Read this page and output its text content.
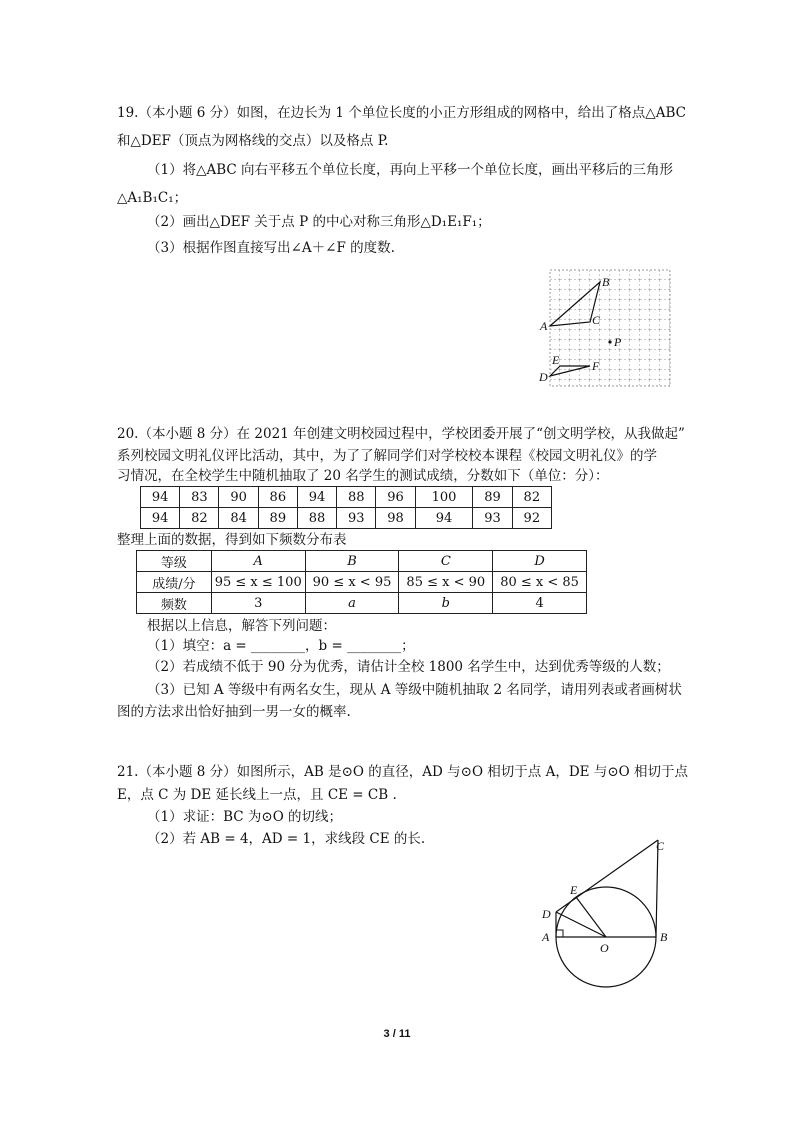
19.（本小题 6 分）如图，在边长为 1 个单位长度的小正方形组成的网格中，给出了格点△ABC
和△DEF（顶点为网格线的交点）以及格点 P.
（1）将△ABC 向右平移五个单位长度，再向上平移一个单位长度，画出平移后的三角形
△A₁B₁C₁；
（2）画出△DEF 关于点 P 的中心对称三角形△D₁E₁F₁；
（3）根据作图直接写出∠A＋∠F 的度数.
A
B
C
P
E	F
D
20.（本小题 8 分）在 2021 年创建文明校园过程中，学校团委开展了“创文明学校，从我做起”
系列校园文明礼仪评比活动，其中，为了了解同学们对学校校本课程《校园文明礼仪》的学
习情况，在全校学生中随机抽取了 20 名学生的测试成绩，分数如下（单位：分）：
94	83	90	86	94	88	96	100	89	82
94	82	84	89	88	93	98	94	93	92
整理上面的数据，得到如下频数分布表
等级	A	B	C	D
成绩/分	95 ≤ x ≤ 100	90 ≤ x < 95	85 ≤ x < 90	80 ≤ x < 85
频数	3	a	b	4
根据以上信息，解答下列问题：
（1）填空：a = ________，b = ________；
（2）若成绩不低于 90 分为优秀，请估计全校 1800 名学生中，达到优秀等级的人数；
（3）已知 A 等级中有两名女生，现从 A 等级中随机抽取 2 名同学，请用列表或者画树状
图的方法求出恰好抽到一男一女的概率.
21.（本小题 8 分）如图所示，AB 是⊙O 的直径，AD 与⊙O 相切于点 A，DE 与⊙O 相切于点
E，点 C 为 DE 延长线上一点，且 CE = CB .
（1）求证：BC 为⊙O 的切线；
（2）若 AB = 4，AD = 1，求线段 CE 的长.	C
E
D
A
O
B
3 / 11
